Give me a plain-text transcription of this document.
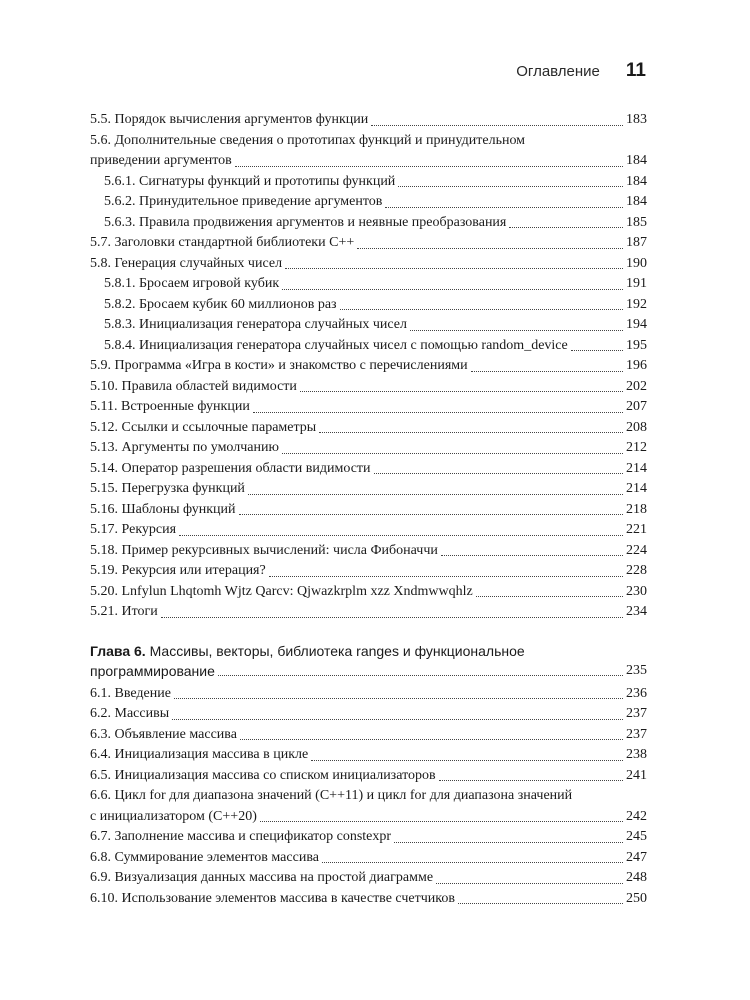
Оглавление 11
5.5. Порядок вычисления аргументов функции	183
5.6. Дополнительные сведения о прототипах функций и принудительном
приведении аргументов	184
5.6.1. Сигнатуры функций и прототипы функций	184
5.6.2. Принудительное приведение аргументов	184
5.6.3. Правила продвижения аргументов и неявные преобразования	185
5.7. Заголовки стандартной библиотеки C++	187
5.8. Генерация случайных чисел	190
5.8.1. Бросаем игровой кубик	191
5.8.2. Бросаем кубик 60 миллионов раз	192
5.8.3. Инициализация генератора случайных чисел	194
5.8.4. Инициализация генератора случайных чисел с помощью random_device	195
5.9. Программа «Игра в кости» и знакомство с перечислениями	196
5.10. Правила областей видимости	202
5.11. Встроенные функции	207
5.12. Ссылки и ссылочные параметры	208
5.13. Аргументы по умолчанию	212
5.14. Оператор разрешения области видимости	214
5.15. Перегрузка функций	214
5.16. Шаблоны функций	218
5.17. Рекурсия	221
5.18. Пример рекурсивных вычислений: числа Фибоначчи	224
5.19. Рекурсия или итерация?	228
5.20. Lnfylun Lhqtomh Wjtz Qarcv: Qjwazkrplm xzz Xndmwwqhlz	230
5.21. Итоги	234
Глава 6. Массивы, векторы, библиотека ranges и функциональное
программирование	235
6.1. Введение	236
6.2. Массивы	237
6.3. Объявление массива	237
6.4. Инициализация массива в цикле	238
6.5. Инициализация массива со списком инициализаторов	241
6.6. Цикл for для диапазона значений (C++11) и цикл for для диапазона значений
с инициализатором (C++20)	242
6.7. Заполнение массива и спецификатор constexpr	245
6.8. Суммирование элементов массива	247
6.9. Визуализация данных массива на простой диаграмме	248
6.10. Использование элементов массива в качестве счетчиков	250
